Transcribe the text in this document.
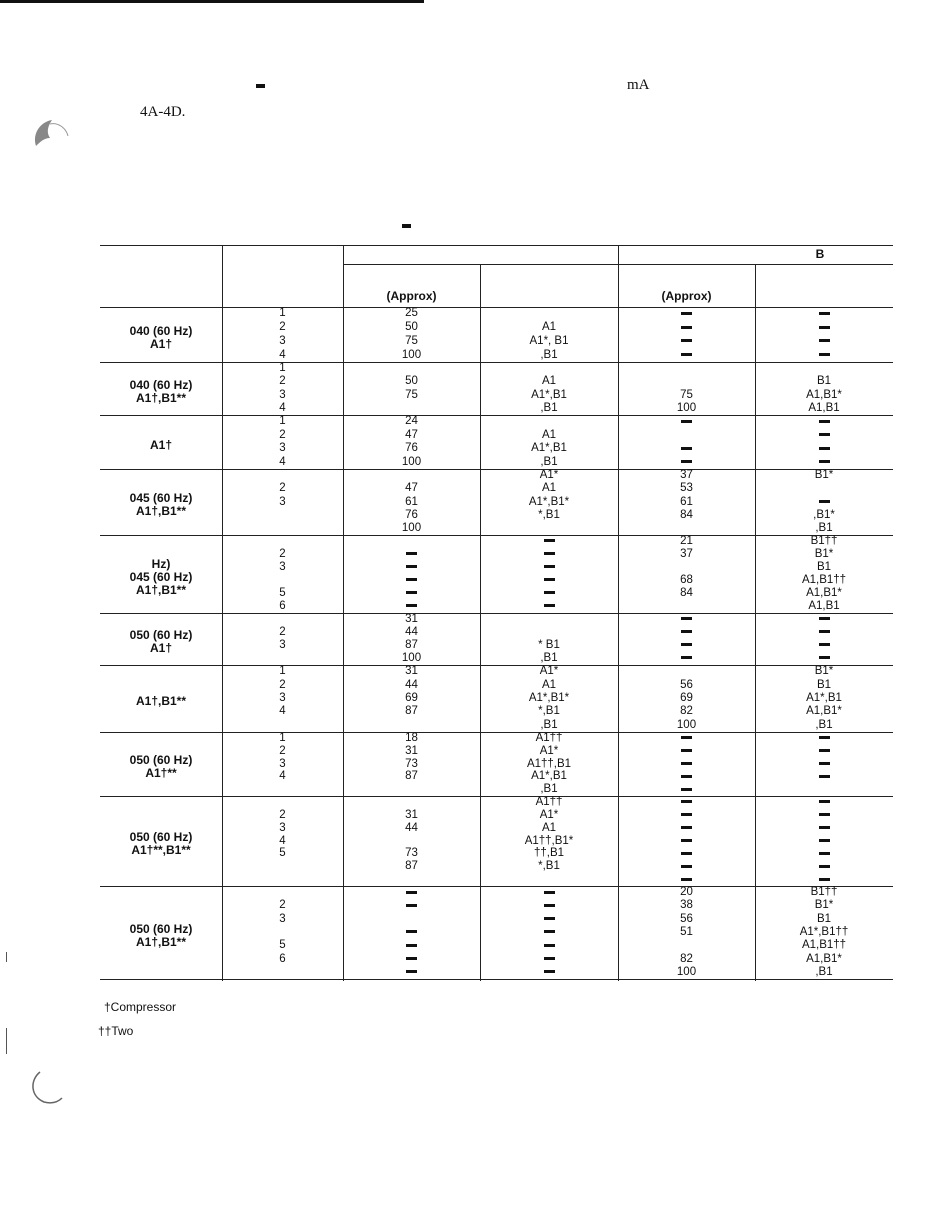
mA
4A-4D.
(Approx)	(Approx)
B
1
2
3
4
25
50
75
100
A1
A1*, B1
,B1
040 (60 Hz)
A1†
1
2
3
4
50
75
A1
A1*,B1
,B1
75
100
B1
A1,B1*
A1,B1
040 (60 Hz)
A1†,B1**
1
2
3
4
24
47
76
100
A1
A1*,B1
,B1
A1†
2
3
47
61
76
100
A1*
A1
A1*,B1*
*,B1
37
53
61
84
B1*
,B1*
,B1
045 (60 Hz)
A1†,B1**
2
3
5
6
21
37
68
84
B1††
B1*
B1
A1,B1††
A1,B1*
A1,B1
Hz)
045 (60 Hz)
A1†,B1**
2
3
31
44
87
100
* B1
,B1
050 (60 Hz)
A1†
1
2
3
4
31
44
69
87
A1*
A1
A1*,B1*
*,B1
,B1
56
69
82
100
B1*
B1
A1*,B1
A1,B1*
,B1
A1†,B1**
1
2
3
4
18
31
73
87
A1††
A1*
A1††,B1
A1*,B1
,B1
050 (60 Hz)
A1†**
2
3
4
5
31
44
73
87
A1††
A1*
A1
A1††,B1*
††,B1
*,B1
050 (60 Hz)
A1†**,B1**
2
3
5
6
20
38
56
51
82
100
B1††
B1*
B1
A1*,B1††
A1,B1††
A1,B1*
,B1
050 (60 Hz)
A1†,B1**
†Compressor
††Two
